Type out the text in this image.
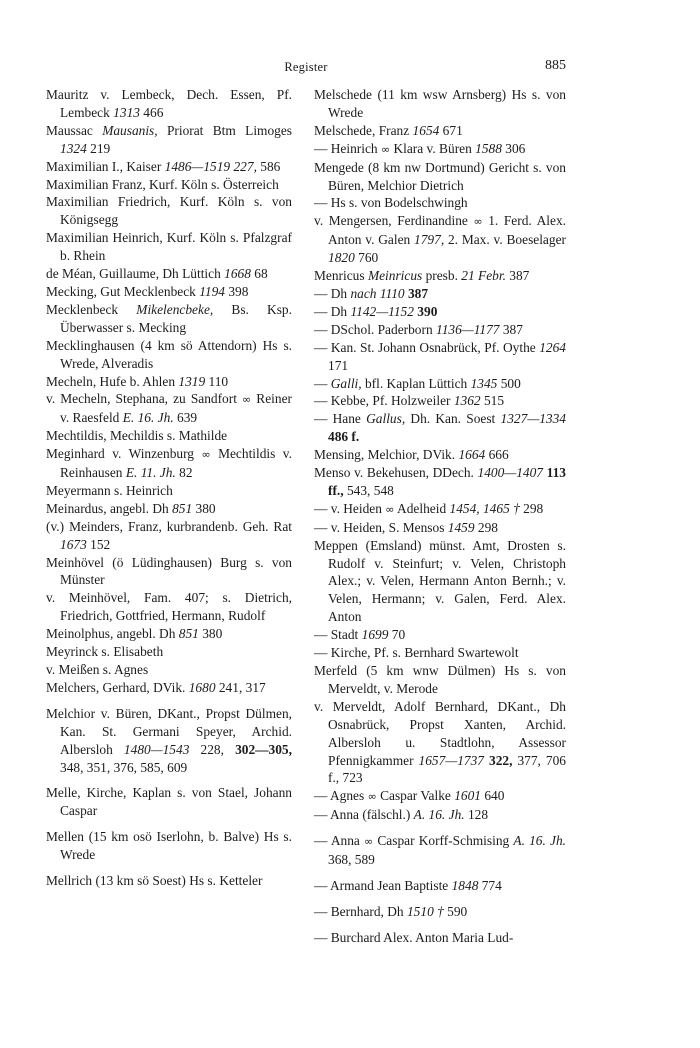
Register	885
Mauritz v. Lembeck, Dech. Essen, Pf. Lembeck 1313 466
Maussac Mausanis, Priorat Btm Limoges 1324 219
Maximilian I., Kaiser 1486—1519 227, 586
Maximilian Franz, Kurf. Köln s. Österreich
Maximilian Friedrich, Kurf. Köln s. von Königsegg
Maximilian Heinrich, Kurf. Köln s. Pfalzgraf b. Rhein
de Méan, Guillaume, Dh Lüttich 1668 68
Mecking, Gut Mecklenbeck 1194 398
Mecklenbeck Mikelencbeke, Bs. Ksp. Überwasser s. Mecking
Mecklinghausen (4 km sö Attendorn) Hs s. Wrede, Alveradis
Mecheln, Hufe b. Ahlen 1319 110
v. Mecheln, Stephana, zu Sandfort ∞ Reiner v. Raesfeld E. 16. Jh. 639
Mechtildis, Mechildis s. Mathilde
Meginhard v. Winzenburg ∞ Mechtildis v. Reinhausen E. 11. Jh. 82
Meyermann s. Heinrich
Meinardus, angebl. Dh 851 380
(v.) Meinders, Franz, kurbrandenb. Geh. Rat 1673 152
Meinhövel (ö Lüdinghausen) Burg s. von Münster
v. Meinhövel, Fam. 407; s. Dietrich, Friedrich, Gottfried, Hermann, Rudolf
Meinolphus, angebl. Dh 851 380
Meyrinck s. Elisabeth
v. Meißen s. Agnes
Melchers, Gerhard, DVik. 1680 241, 317
Melchior v. Büren, DKant., Propst Dülmen, Kan. St. Germani Speyer, Archid. Albersloh 1480—1543 228, 302—305, 348, 351, 376, 585, 609
Melle, Kirche, Kaplan s. von Stael, Johann Caspar
Mellen (15 km osö Iserlohn, b. Balve) Hs s. Wrede
Mellrich (13 km sö Soest) Hs s. Ketteler
Melschede (11 km wsw Arnsberg) Hs s. von Wrede
Melschede, Franz 1654 671
— Heinrich ∞ Klara v. Büren 1588 306
Mengede (8 km nw Dortmund) Gericht s. von Büren, Melchior Dietrich
— Hs s. von Bodelschwingh
v. Mengersen, Ferdinandine ∞ 1. Ferd. Alex. Anton v. Galen 1797, 2. Max. v. Boeselager 1820 760
Menricus Meinricus presb. 21 Febr. 387
— Dh nach 1110 387
— Dh 1142—1152 390
— DSchol. Paderborn 1136—1177 387
— Kan. St. Johann Osnabrück, Pf. Oythe 1264 171
— Galli, bfl. Kaplan Lüttich 1345 500
— Kebbe, Pf. Holzweiler 1362 515
— Hane Gallus, Dh. Kan. Soest 1327—1334 486 f.
Mensing, Melchior, DVik. 1664 666
Menso v. Bekehusen, DDech. 1400—1407 113 ff., 543, 548
— v. Heiden ∞ Adelheid 1454, 1465 † 298
— v. Heiden, S. Mensos 1459 298
Meppen (Emsland) münst. Amt, Drosten s. Rudolf v. Steinfurt; v. Velen, Christoph Alex.; v. Velen, Hermann Anton Bernh.; v. Velen, Hermann; v. Galen, Ferd. Alex. Anton
— Stadt 1699 70
— Kirche, Pf. s. Bernhard Swartewolt
Merfeld (5 km wnw Dülmen) Hs s. von Merveldt, v. Merode
v. Merveldt, Adolf Bernhard, DKant., Dh Osnabrück, Propst Xanten, Archid. Albersloh u. Stadtlohn, Assessor Pfennigkammer 1657—1737 322, 377, 706 f., 723
— Agnes ∞ Caspar Valke 1601 640
— Anna (fälschl.) A. 16. Jh. 128
— Anna ∞ Caspar Korff-Schmising A. 16. Jh. 368, 589
— Armand Jean Baptiste 1848 774
— Bernhard, Dh 1510 † 590
— Burchard Alex. Anton Maria Lud-
